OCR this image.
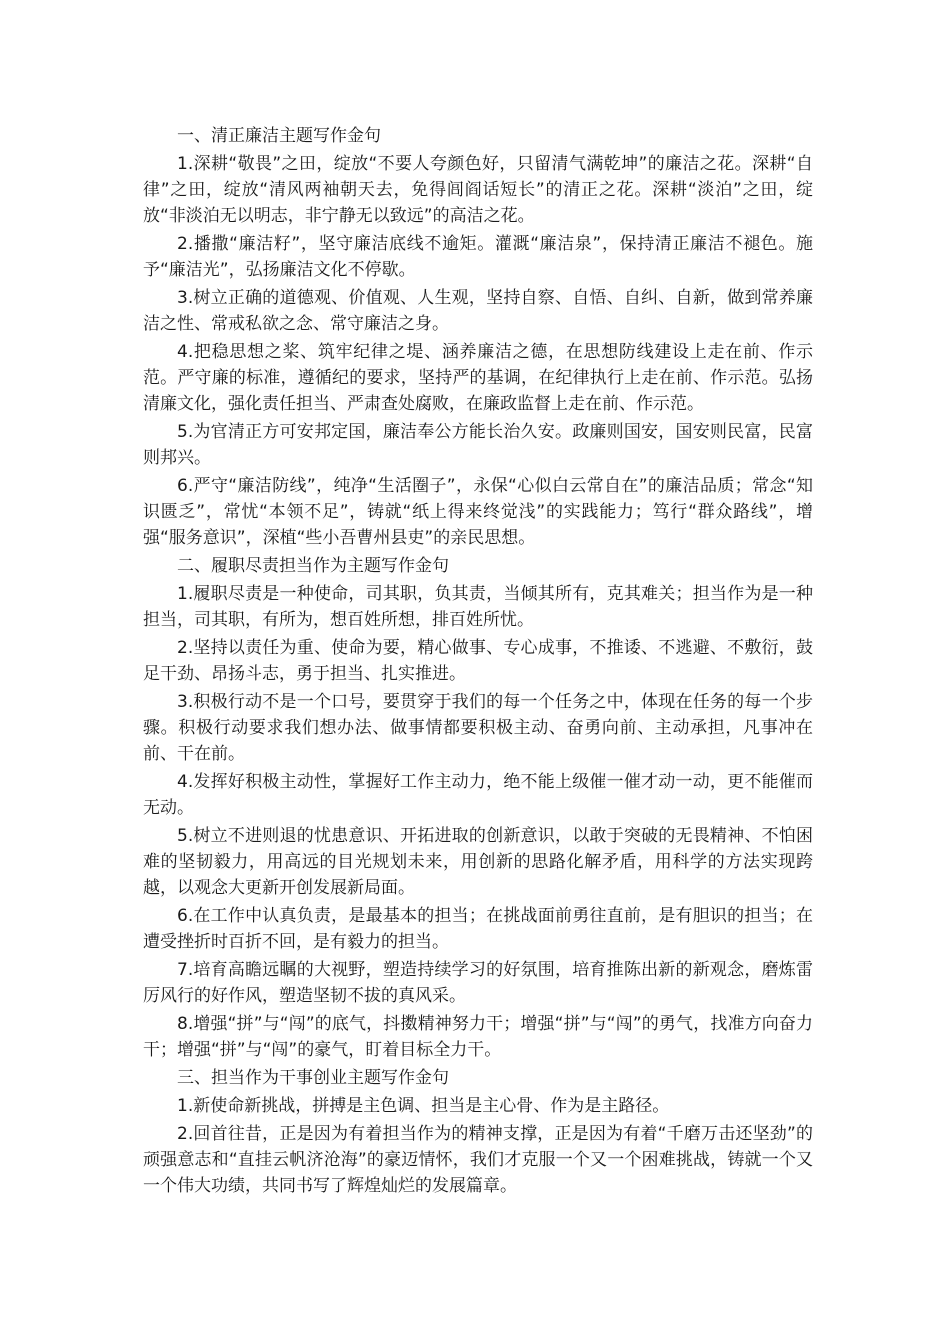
一、清正廉洁主题写作金句

1.深耕“敬畏”之田，绽放“不要人夸颜色好，只留清气满乾坤”的廉洁之花。深耕“自律”之田，绽放“清风两袖朝天去，免得闾阎话短长”的清正之花。深耕“淡泊”之田，绽放“非淡泊无以明志，非宁静无以致远”的高洁之花。

2.播撒“廉洁籽”，坚守廉洁底线不逾矩。灌溉“廉洁泉”，保持清正廉洁不褪色。施予“廉洁光”，弘扬廉洁文化不停歇。

3.树立正确的道德观、价值观、人生观，坚持自察、自悟、自纠、自新，做到常养廉洁之性、常戒私欲之念、常守廉洁之身。

4.把稳思想之桨、筑牢纪律之堤、涵养廉洁之德，在思想防线建设上走在前、作示范。严守廉的标准，遵循纪的要求，坚持严的基调，在纪律执行上走在前、作示范。弘扬清廉文化，强化责任担当、严肃查处腐败，在廉政监督上走在前、作示范。

5.为官清正方可安邦定国，廉洁奉公方能长治久安。政廉则国安，国安则民富，民富则邦兴。

6.严守“廉洁防线”，纯净“生活圈子”，永保“心似白云常自在”的廉洁品质；常念“知识匮乏”，常忧“本领不足”，铸就“纸上得来终觉浅”的实践能力；笃行“群众路线”，增强“服务意识”，深植“些小吾曹州县吏”的亲民思想。

二、履职尽责担当作为主题写作金句

1.履职尽责是一种使命，司其职，负其责，当倾其所有，克其难关；担当作为是一种担当，司其职，有所为，想百姓所想，排百姓所忧。

2.坚持以责任为重、使命为要，精心做事、专心成事，不推诿、不逃避、不敷衍，鼓足干劲、昂扬斗志，勇于担当、扎实推进。

3.积极行动不是一个口号，要贯穿于我们的每一个任务之中，体现在任务的每一个步骤。积极行动要求我们想办法、做事情都要积极主动、奋勇向前、主动承担，凡事冲在前、干在前。

4.发挥好积极主动性，掌握好工作主动力，绝不能上级催一催才动一动，更不能催而无动。

5.树立不进则退的忧患意识、开拓进取的创新意识，以敢于突破的无畏精神、不怕困难的坚韧毅力，用高远的目光规划未来，用创新的思路化解矛盾，用科学的方法实现跨越，以观念大更新开创发展新局面。

6.在工作中认真负责，是最基本的担当；在挑战面前勇往直前，是有胆识的担当；在遭受挫折时百折不回，是有毅力的担当。

7.培育高瞻远瞩的大视野，塑造持续学习的好氛围，培育推陈出新的新观念，磨炼雷厉风行的好作风，塑造坚韧不拔的真风采。

8.增强“拼”与“闯”的底气，抖擞精神努力干；增强“拼”与“闯”的勇气，找准方向奋力干；增强“拼”与“闯”的豪气，盯着目标全力干。

三、担当作为干事创业主题写作金句

1.新使命新挑战，拼搏是主色调、担当是主心骨、作为是主路径。

2.回首往昔，正是因为有着担当作为的精神支撑，正是因为有着“千磨万击还坚劲”的顽强意志和“直挂云帆济沧海”的豪迈情怀，我们才克服一个又一个困难挑战，铸就一个又一个伟大功绩，共同书写了辉煌灿烂的发展篇章。
